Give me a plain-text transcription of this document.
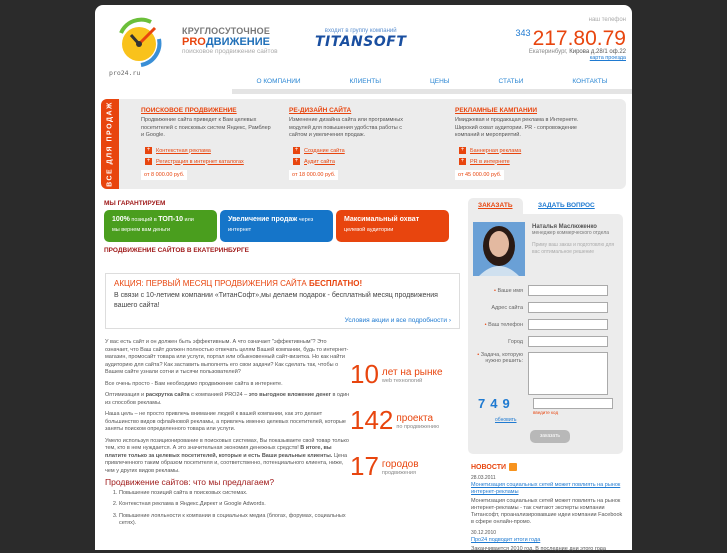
pro24.ru
КРУГЛОСУТОЧНОЕ
PROДВИЖЕНИЕ
поисковое продвижение сайтов
входит в группу компаний
TITANSOFT
наш телефон
$^{343}$217.80.79
Екатеринбург, Кирова д.28/1 оф.22
карта проезда
О КОМПАНИИ	КЛИЕНТЫ	ЦЕНЫ	СТАТЬИ	КОНТАКТЫ
ВСЕ ДЛЯ ПРОДАЖ	ПОИСКОВОЕ ПРОДВИЖЕНИЕ

Продвижение сайта приведет к Вам целевых посетителей с поисковых систем Яндекс, Рамблер и Google.

+	Контекстная реклама
+	Регистрация в интернет каталогах
от 8 000.00 руб.
РЕ-ДИЗАЙН САЙТА

Изменение дизайна сайта или программных модулей для повышения удобства работы с сайтом и увеличения продаж.

+	Создание сайта
+	Аудит сайта
от 18 000.00 руб.
РЕКЛАМНЫЕ КАМПАНИИ

Имиджевая и продающая реклама в Интернете. Широкий охват аудитории. PR - сопровождение компаний и мероприятий.

+	Баннерная реклама
+	PR в интернете
от 45 000.00 руб.
МЫ ГАРАНТИРУЕМ
100% позиций в ТОП-10 или
мы вернем вам деньги
Увеличение продаж через
интернет
Максимальный охват
целевой аудитории
ПРОДВИЖЕНИЕ САЙТОВ В ЕКАТЕРИНБУРГЕ
АКЦИЯ: ПЕРВЫЙ МЕСЯЦ ПРОДВИЖЕНИЯ САЙТА БЕСПЛАТНО!

В связи с 10-летием компании «ТитанСофт»,мы делаем подарок - бесплатный месяц продвижения вашего сайта!

Условия акции и все подробности ›

У вас есть сайт и он должен быть эффективным. А что означает "эффективным"? Это означает, что Ваш сайт должен полностью отвечать целям Вашей компании, будь то интернет-магазин, промосайт товара или услуги, портал или обыкновенный сайт-визитка. Но как найти аудиторию для сайта? Как заставить выполнять его свои задачи? Как сделать так, чтобы о Вашем сайте узнали сотни и тысячи пользователей?

Все очень просто - Вам необходимо продвижение сайта в интернете.

Оптимизация и раскрутка сайта с компанией PRO24 – это выгодное вложение денег в один из способов рекламы.

Наша цель – не просто привлечь внимание людей к вашей компании, как это делает большинство видов офлайновой рекламы, а привлечь именно целевых посетителей, которые заняты поиском определенного товара или услуги.

Умело используя позиционирование в поисковых системах, Вы показываете свой товар только тем, кто в нем нуждается. А это значительная экономия денежных средств! В итоге, вы платите только за целевых посетителей, которые и есть Ваши реальные клиенты. Цена привлеченного таким образом посетителя и, соответственно, потенциального клиента, ниже, чем у других видов рекламы.

Продвижение сайтов: что мы предлагаем?
1. Повышение позиций сайта в поисковых системах.
2. Контекстная реклама в Яндекс.Директ и Google Adwords.
3. Повышение лояльности к компании в социальных медиа (блогах, форумах, социальных сетях).
10 лет на рынке
web технологий
142 проекта
по продвижению
17 городов
продвижения
ЗАКАЗАТЬ	ЗАДАТЬ ВОПРОС
Наталья Маслюженко
менеджер коммерческого отдела
Приму ваш заказ и подготовлю для вас оптимальное решение
• Ваше имя
Адрес сайта
• Ваш телефон
Город
• Задача, которую нужно решить:
749
обновить
введите код
заказать
НОВОСТИ
28.03.2011
Монетизация социальных сетей может повлиять на рынок интернет-рекламы

Монетизация социальных сетей может повлиять на рынок интернет-рекламы - так считают эксперты компании Титансофт, проанализировавшие идеи компании Facebook в сфере онлайн-промо.

30.12.2010
Про24 подводит итоги года

Заканчивается 2010 год. В последние дни этого года
